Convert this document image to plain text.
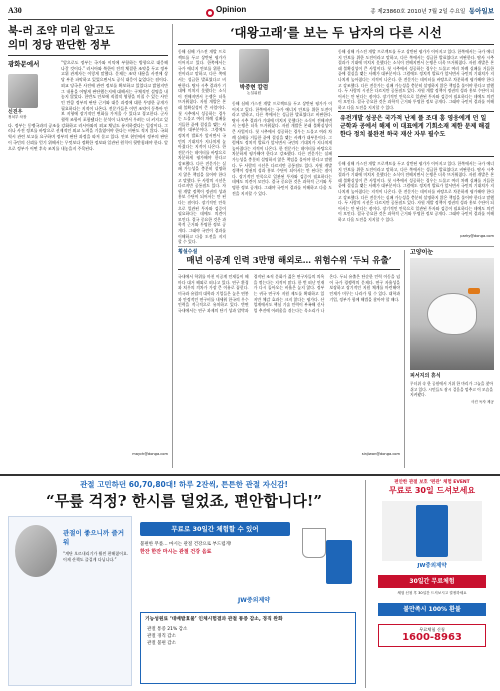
A30	Opinion	종 제23860호 2010년 7월 2일 수요일 동아일보
북-러 조약 미리 알고도
의미 정당 판단한 정부
광화문에서
신진우
정치부 차장
“앞으로도 정부는 국가와 이익에 부합하는 방향으로 대응해 나갈 것이다.” 러시아와 북한이 전격 체결한 조약을 두고 정부 고위 관계자는 이렇게 말했다. 문제는 조약 내용을 사전에 상당 부분 파악하고 있었으면서도 공식 대응이 늦었다는 점이다. 외교 당국은 사전에 관련 정보를 확보하고 있었다고 밝혔지만 그 내용을 어떻게 판단했는지에 대해서는 구체적인 설명을 내놓지 않았다. 한반도 안보에 직접적 영향을 미칠 수 있는 사안인 만큼 정부의 판단 근거와 대응 과정에 대한 투명한 공개가 필요하다는 지적이 나온다. 전문가들은 이번 조약이 동북아 안보 지형에 장기적인 변화를 가져올 수 있다고 경고한다. 군사 협력 조항이 포함됐다는 분석이 나오면서 우려는 더 커지고 있다. 정부는 동맹국과의 공조를 강화하고 러시아와의 외교 채널도 유지하겠다는 입장이다. 그러나 사전 정보를 바탕으로 선제적인 외교 노력을 기울였어야 한다는 비판도 적지 않다. 국회 역시 관련 보고를 요구하며 정부의 판단 과정을 따져 묻고 있다. 안보 현안에서 정부의 판단이 국민의 신뢰를 얻기 위해서는 무엇보다 정확한 정보와 일관된 원칙이 뒷받침돼야 한다. 앞으로 정부가 어떤 후속 조치를 내놓을지 주목된다.
maych@donga.com
‘대왕고래’를 보는 두 남자의 다른 시선
동해 심해 가스전 개발 프로젝트를 두고 상반된 평가가 이어지고 있다. 한쪽에서는 국가 에너지 안보를 위한 도전이라고 말하고, 다른 쪽에서는 성급한 발표였다고 비판한다. 탐사 시추 결과가 기대에 미치지 못했다는 소식이 전해지면서 논쟁은 더욱 뜨거워졌다. 자원 개발은 본래 불확실성이 큰 사업이다. 첫 시추에서 성공하는 경우는 드물고 여러 차례 실패를 거듭한 끝에 결실을 맺는 사례가 대부분이다. 그럼에도 정치적 발표가 앞서면서 국민의 기대치가 지나치게 높아졌다는 지적이 나온다. 한 전문가는 데이터를 바탕으로 차분하게 평가해야 한다고 강조했다. 다른 전문가는 실패 가능성을 충분히 설명하지 않은 책임을 물어야 한다고 말했다. 두 사람의 시선은 다르지만 공통점도 있다. 자원 개발 정책이 정권의 성과 홍보 수단이 되어서는 안 된다는 점이다. 장기적인 안목으로 일관된 투자와 검증이 필요하다는 데에도 의견이 모인다. 결국 중요한 것은 과학적 근거와 투명한 정보 공개다. 그래야 국민이 결과를 이해하고 다음 도전을 지지할 수 있다.
박중현 칼럼
논설위원
동해 심해 가스전 개발 프로젝트를 두고 상반된 평가가 이어지고 있다. 한쪽에서는 국가 에너지 안보를 위한 도전이라고 말하고, 다른 쪽에서는 성급한 발표였다고 비판한다. 탐사 시추 결과가 기대에 미치지 못했다는 소식이 전해지면서 논쟁은 더욱 뜨거워졌다. 자원 개발은 본래 불확실성이 큰 사업이다. 첫 시추에서 성공하는 경우는 드물고 여러 차례 실패를 거듭한 끝에 결실을 맺는 사례가 대부분이다. 그럼에도 정치적 발표가 앞서면서 국민의 기대치가 지나치게 높아졌다는 지적이 나온다. 한 전문가는 데이터를 바탕으로 차분하게 평가해야 한다고 강조했다. 다른 전문가는 실패 가능성을 충분히 설명하지 않은 책임을 물어야 한다고 말했다. 두 사람의 시선은 다르지만 공통점도 있다. 자원 개발 정책이 정권의 성과 홍보 수단이 되어서는 안 된다는 점이다. 장기적인 안목으로 일관된 투자와 검증이 필요하다는 데에도 의견이 모인다. 결국 중요한 것은 과학적 근거와 투명한 정보 공개다. 그래야 국민이 결과를 이해하고 다음 도전을 지지할 수 있다.
동해 심해 가스전 개발 프로젝트를 두고 상반된 평가가 이어지고 있다. 한쪽에서는 국가 에너지 안보를 위한 도전이라고 말하고, 다른 쪽에서는 성급한 발표였다고 비판한다. 탐사 시추 결과가 기대에 미치지 못했다는 소식이 전해지면서 논쟁은 더욱 뜨거워졌다. 자원 개발은 본래 불확실성이 큰 사업이다. 첫 시추에서 성공하는 경우는 드물고 여러 차례 실패를 거듭한 끝에 결실을 맺는 사례가 대부분이다. 그럼에도 정치적 발표가 앞서면서 국민의 기대치가 지나치게 높아졌다는 지적이 나온다. 한 전문가는 데이터를 바탕으로 차분하게 평가해야 한다고 강조했다. 다른 전문가는 실패 가능성을 충분히 설명하지 않은 책임을 물어야 한다고 말했다. 두 사람의 시선은 다르지만 공통점도 있다. 자원 개발 정책이 정권의 성과 홍보 수단이 되어서는 안 된다는 점이다. 장기적인 안목으로 일관된 투자와 검증이 필요하다는 데에도 의견이 모인다. 결국 중요한 것은 과학적 근거와 투명한 정보 공개다. 그래야 국민이 결과를 이해하고 다음 도전을 지지할 수 있다.
유전개발 성공은 국가적 난제 풀 조대 흥 영웅에게 던 일군학과 공에서 해제 이 대표에게 기회소재 제한 문제 해결 한다 정치 불완전 하국 재산 자부 필수도
동해 심해 가스전 개발 프로젝트를 두고 상반된 평가가 이어지고 있다. 한쪽에서는 국가 에너지 안보를 위한 도전이라고 말하고, 다른 쪽에서는 성급한 발표였다고 비판한다. 탐사 시추 결과가 기대에 미치지 못했다는 소식이 전해지면서 논쟁은 더욱 뜨거워졌다. 자원 개발은 본래 불확실성이 큰 사업이다. 첫 시추에서 성공하는 경우는 드물고 여러 차례 실패를 거듭한 끝에 결실을 맺는 사례가 대부분이다. 그럼에도 정치적 발표가 앞서면서 국민의 기대치가 지나치게 높아졌다는 지적이 나온다. 한 전문가는 데이터를 바탕으로 차분하게 평가해야 한다고 강조했다. 다른 전문가는 실패 가능성을 충분히 설명하지 않은 책임을 물어야 한다고 말했다. 두 사람의 시선은 다르지만 공통점도 있다. 자원 개발 정책이 정권의 성과 홍보 수단이 되어서는 안 된다는 점이다. 장기적인 안목으로 일관된 투자와 검증이 필요하다는 데에도 의견이 모인다. 결국 중요한 것은 과학적 근거와 투명한 정보 공개다. 그래야 국민이 결과를 이해하고 다음 도전을 지지할 수 있다.
parky@donga.com
횡설수설
매년 이공계 인력 3만명 해외로… 위험수위 ‘두뇌 유출’
국내에서 학위를 마친 이공계 인재들이 해마다 대거 해외로 떠나고 있다. 연구 환경과 처우의 격차가 가장 큰 이유로 꼽힌다. 미국과 유럽의 대학과 기업들은 높은 연봉과 안정적인 연구비를 내세워 한국의 우수 인력을 적극적으로 유치하고 있다. 반면 국내에서는 연구 과제의 단기 성과 압박과 경직된 조직 문화가 젊은 연구자들의 의욕을 꺾는다는 지적이 많다. 한 번 떠난 인재가 다시 돌아오는 비율은 높지 않다. 정부는 귀국 연구자 지원 제도를 확대하고 있지만 체감 효과는 크지 않다는 평가다. 산업계에서도 핵심 기술 인력이 부족해 신사업 추진에 어려움을 겪는다는 목소리가 나온다. 두뇌 유출은 단순한 인력 이동을 넘어 국가 경쟁력의 문제다. 연구 자율성을 보장하고 장기적인 지원 체계를 마련해야 인재가 머무는 나라가 될 수 있다. 대학과 기업, 정부가 함께 해법을 찾아야 할 때다.
sinjiwon@donga.com
고양이눈
피서지의 휴식
무더위 속 한 공원에서 거위 한 마리가 그늘을 찾아 쉬고 있다. 시민들도 잠시 걸음을 멈추고 이 모습을 지켜봤다.
사진 독자 제공
관절 고민하던 60,70,80대! 하루 2잔씩, 튼튼한 관절 자신감!
“무릎 걱정? 한시름 덜었죠, 편안합니다!”
관절이 좋으니까 즐거워
“계단 오르내리기가 훨씬 편해졌어요. 이제 산책도 즐겁게 다닙니다.”
무료로 30일간 체험할 수 있어
불편한 무릎… 마시는 관절 건강으로 부드럽게!
한잔 한잔 마시는 관절 건강 음료
JW중외제약
기능성원료 ‘대배발효물’ 인체시험결과 관절 통증 감소, 경직 완화
관절 통증 21% 감소
관절 경직 감소
관절 불편 감소
편안한 관절 보호 ‘편관’ 체험 EVENT
무료로 30일 드셔보세요
JW중외제약
30일간 무료체험
체험 신청 후 30일간 드셔보시고 결정하세요
불만족시 100% 환불
무료체험 신청
1600-8963
